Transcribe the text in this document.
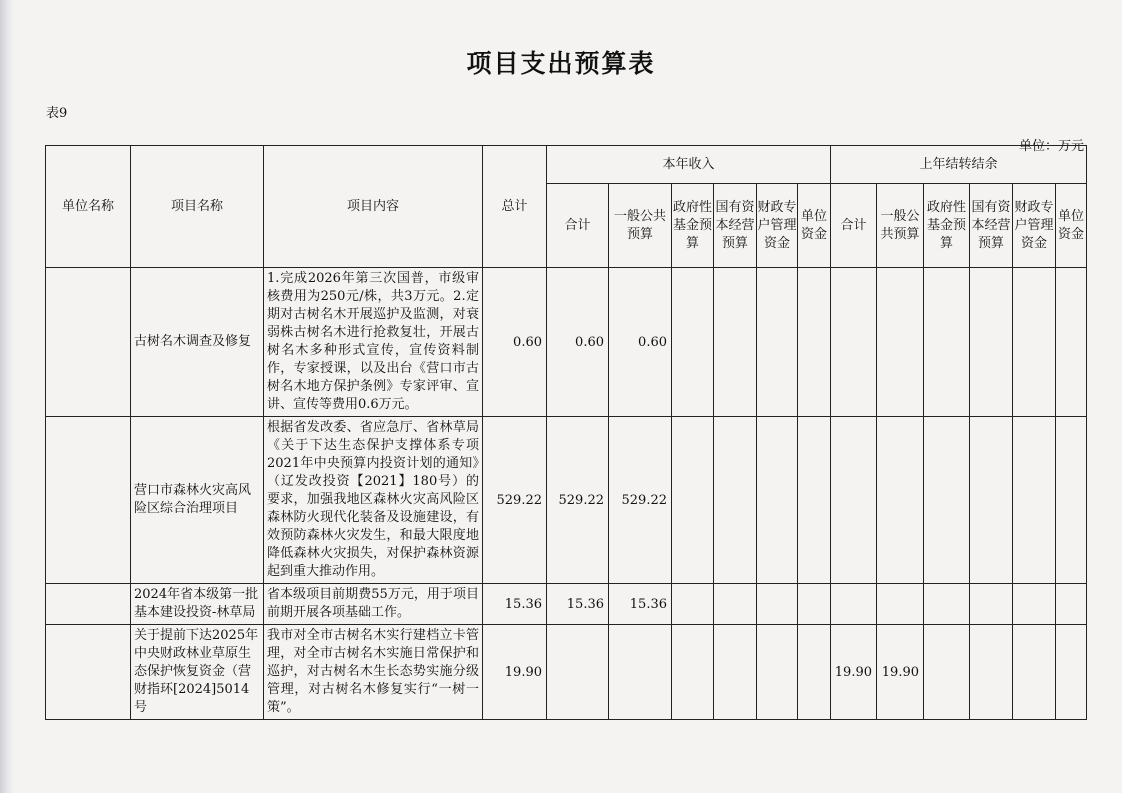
项目支出预算表
表9
单位：万元
单位名称	项目名称	项目内容	总计	本年收入						上年结转结余					
				合计	一般公共预算	政府性基金预算	国有资本经营预算	财政专户管理资金	单位资金	合计	一般公共预算	政府性基金预算	国有资本经营预算	财政专户管理资金	单位资金
	古树名木调查及修复	1.完成2026年第三次国普，市级审核费用为250元/株，共3万元。2.定期对古树名木开展巡护及监测，对衰弱株古树名木进行抢救复壮，开展古树名木多种形式宣传，宣传资料制作，专家授课，以及出台《营口市古树名木地方保护条例》专家评审、宣讲、宣传等费用0.6万元。	0.60	0.60	0.60										
	营口市森林火灾高风险区综合治理项目	根据省发改委、省应急厅、省林草局《关于下达生态保护支撑体系专项2021年中央预算内投资计划的通知》（辽发改投资【2021】180号）的要求，加强我地区森林火灾高风险区森林防火现代化装备及设施建设，有效预防森林火灾发生，和最大限度地降低森林火灾损失，对保护森林资源起到重大推动作用。	529.22	529.22	529.22										
	2024年省本级第一批基本建设投资-林草局	省本级项目前期费55万元，用于项目前期开展各项基础工作。	15.36	15.36	15.36										
	关于提前下达2025年中央财政林业草原生态保护恢复资金（营财指环[2024]5014号	我市对全市古树名木实行建档立卡管理，对全市古树名木实施日常保护和巡护，对古树名木生长态势实施分级管理，对古树名木修复实行“一树一策”。	19.90							19.90	19.90				
